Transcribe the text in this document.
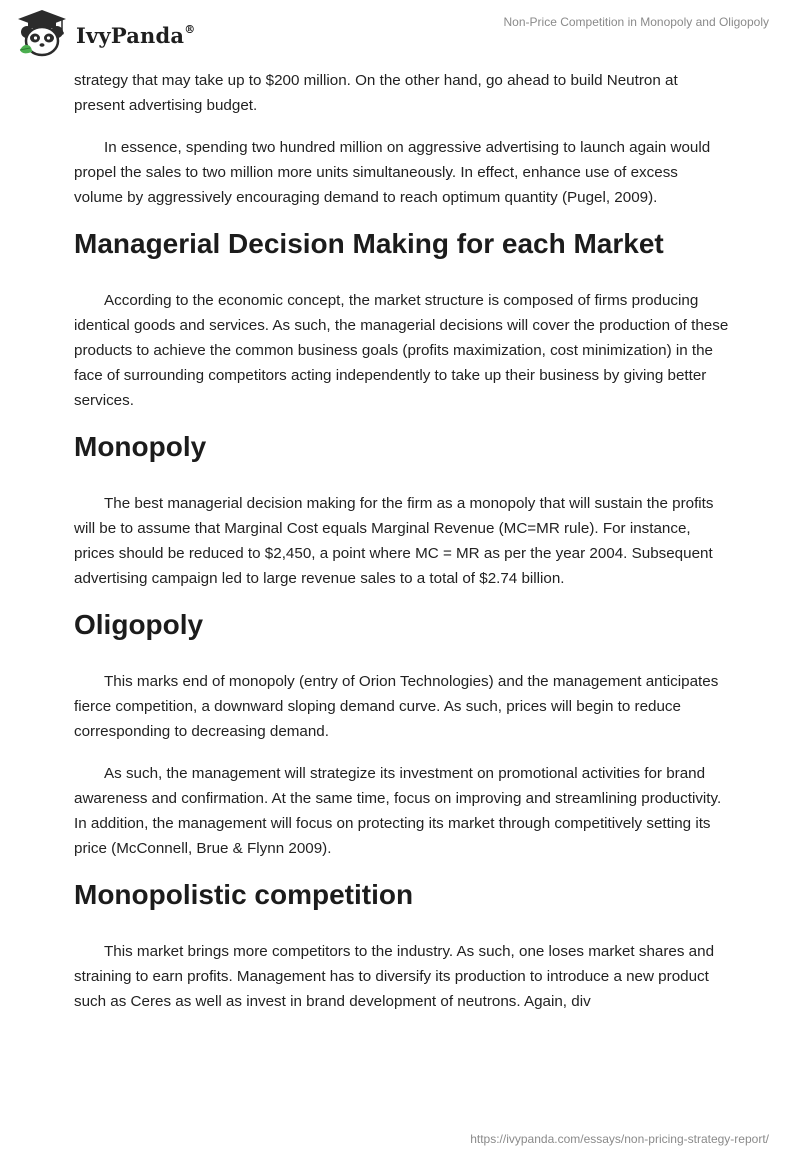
IvyPanda®	Non-Price Competition in Monopoly and Oligopoly

strategy that may take up to $200 million. On the other hand, go ahead to build Neutron at present advertising budget.

In essence, spending two hundred million on aggressive advertising to launch again would propel the sales to two million more units simultaneously. In effect, enhance use of excess volume by aggressively encouraging demand to reach optimum quantity (Pugel, 2009).

Managerial Decision Making for each Market

According to the economic concept, the market structure is composed of firms producing identical goods and services. As such, the managerial decisions will cover the production of these products to achieve the common business goals (profits maximization, cost minimization) in the face of surrounding competitors acting independently to take up their business by giving better services.

Monopoly

The best managerial decision making for the firm as a monopoly that will sustain the profits will be to assume that Marginal Cost equals Marginal Revenue (MC=MR rule). For instance, prices should be reduced to $2,450, a point where MC = MR as per the year 2004. Subsequent advertising campaign led to large revenue sales to a total of $2.74 billion.

Oligopoly

This marks end of monopoly (entry of Orion Technologies) and the management anticipates fierce competition, a downward sloping demand curve. As such, prices will begin to reduce corresponding to decreasing demand.

As such, the management will strategize its investment on promotional activities for brand awareness and confirmation. At the same time, focus on improving and streamlining productivity. In addition, the management will focus on protecting its market through competitively setting its price (McConnell, Brue & Flynn 2009).

Monopolistic competition

This market brings more competitors to the industry. As such, one loses market shares and straining to earn profits. Management has to diversify its production to introduce a new product such as Ceres as well as invest in brand development of neutrons. Again, div

https://ivypanda.com/essays/non-pricing-strategy-report/
